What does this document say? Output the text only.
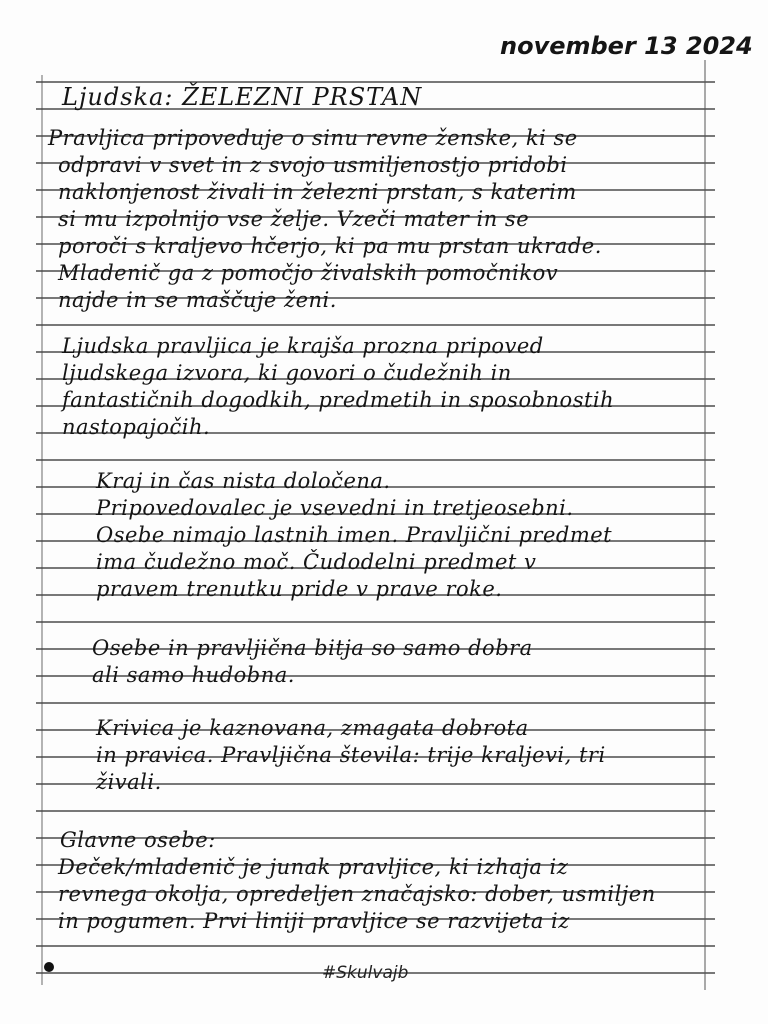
november 13 2024
Ljudska: ŽELEZNI PRSTAN
Pravljica pripoveduje o sinu revne ženske, ki se
odpravi v svet in z svojo usmiljenostjo pridobi
naklonjenost živali in železni prstan, s katerim
si mu izpolnijo vse želje. Vzeči mater in se
poroči s kraljevo hčerjo, ki pa mu prstan ukrade.
Mladenič ga z pomočjo živalskih pomočnikov
najde in se maščuje ženi.
Ljudska pravljica je krajša prozna pripoved
ljudskega izvora, ki govori o čudežnih in
fantastičnih dogodkih, predmetih in sposobnostih
nastopajočih.
Kraj in čas nista določena.
Pripovedovalec je vsevedni in tretjeosebni.
Osebe nimajo lastnih imen. Pravljični predmet
ima čudežno moč. Čudodelni predmet v
pravem trenutku pride v prave roke.
Osebe in pravljična bitja so samo dobra
ali samo hudobna.
Krivica je kaznovana, zmagata dobrota
in pravica. Pravljična števila: trije kraljevi, tri
živali.
Glavne osebe:
Deček/mladenič je junak pravljice, ki izhaja iz
revnega okolja, opredeljen značajsko: dober, usmiljen
in pogumen. Prvi liniji pravljice se razvijeta iz
#Skulvajb
